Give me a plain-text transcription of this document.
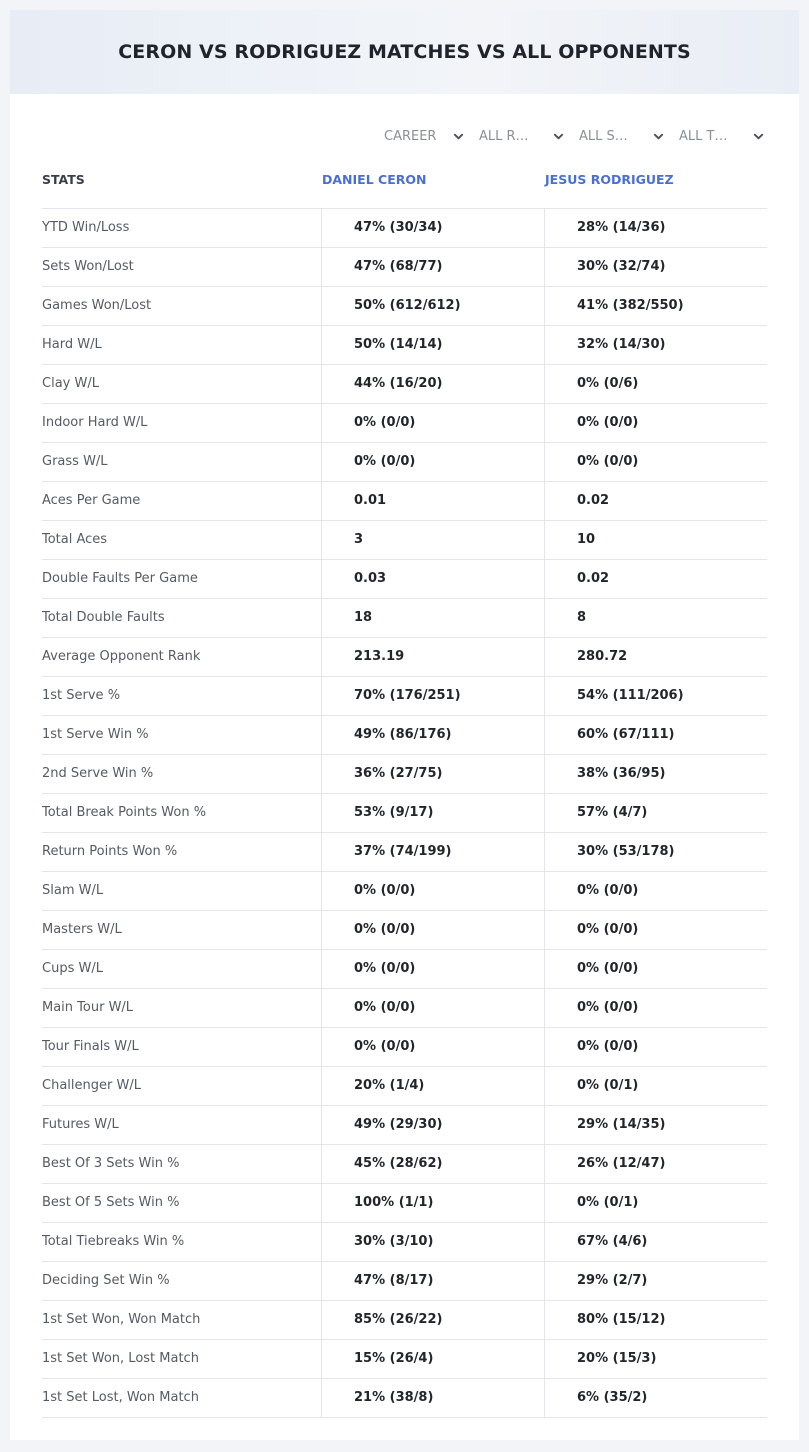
CERON VS RODRIGUEZ MATCHES VS ALL OPPONENTS
CAREER	ALL R…	ALL S…	ALL T…
STATS	DANIEL CERON	JESUS RODRIGUEZ
YTD Win/Loss	47% (30/34)	28% (14/36)
Sets Won/Lost	47% (68/77)	30% (32/74)
Games Won/Lost	50% (612/612)	41% (382/550)
Hard W/L	50% (14/14)	32% (14/30)
Clay W/L	44% (16/20)	0% (0/6)
Indoor Hard W/L	0% (0/0)	0% (0/0)
Grass W/L	0% (0/0)	0% (0/0)
Aces Per Game	0.01	0.02
Total Aces	3	10
Double Faults Per Game	0.03	0.02
Total Double Faults	18	8
Average Opponent Rank	213.19	280.72
1st Serve %	70% (176/251)	54% (111/206)
1st Serve Win %	49% (86/176)	60% (67/111)
2nd Serve Win %	36% (27/75)	38% (36/95)
Total Break Points Won %	53% (9/17)	57% (4/7)
Return Points Won %	37% (74/199)	30% (53/178)
Slam W/L	0% (0/0)	0% (0/0)
Masters W/L	0% (0/0)	0% (0/0)
Cups W/L	0% (0/0)	0% (0/0)
Main Tour W/L	0% (0/0)	0% (0/0)
Tour Finals W/L	0% (0/0)	0% (0/0)
Challenger W/L	20% (1/4)	0% (0/1)
Futures W/L	49% (29/30)	29% (14/35)
Best Of 3 Sets Win %	45% (28/62)	26% (12/47)
Best Of 5 Sets Win %	100% (1/1)	0% (0/1)
Total Tiebreaks Win %	30% (3/10)	67% (4/6)
Deciding Set Win %	47% (8/17)	29% (2/7)
1st Set Won, Won Match	85% (26/22)	80% (15/12)
1st Set Won, Lost Match	15% (26/4)	20% (15/3)
1st Set Lost, Won Match	21% (38/8)	6% (35/2)
